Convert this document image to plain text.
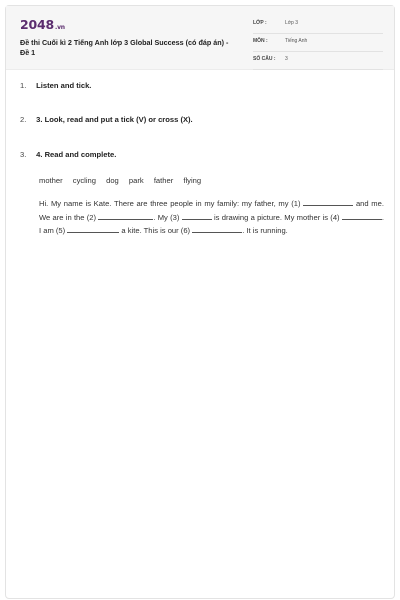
2048.vn
Đề thi Cuối kì 2 Tiếng Anh lớp 3 Global Success (có đáp án) - Đề 1
LỚP :	Lớp 3
MÔN :	Tiếng Anh
SỐ CÂU : 3
1. Listen and tick.
2. 3. Look, read and put a tick (V) or cross (X).
3. 4. Read and complete.
mother cycling dog park father flying
Hi. My name is Kate. There are three people in my family: my father, my (1)	and me. We are in the (2)	. My (3)	is drawing a picture. My mother is (4)	. I am (5)	a kite. This is our (6)	. It is running.
